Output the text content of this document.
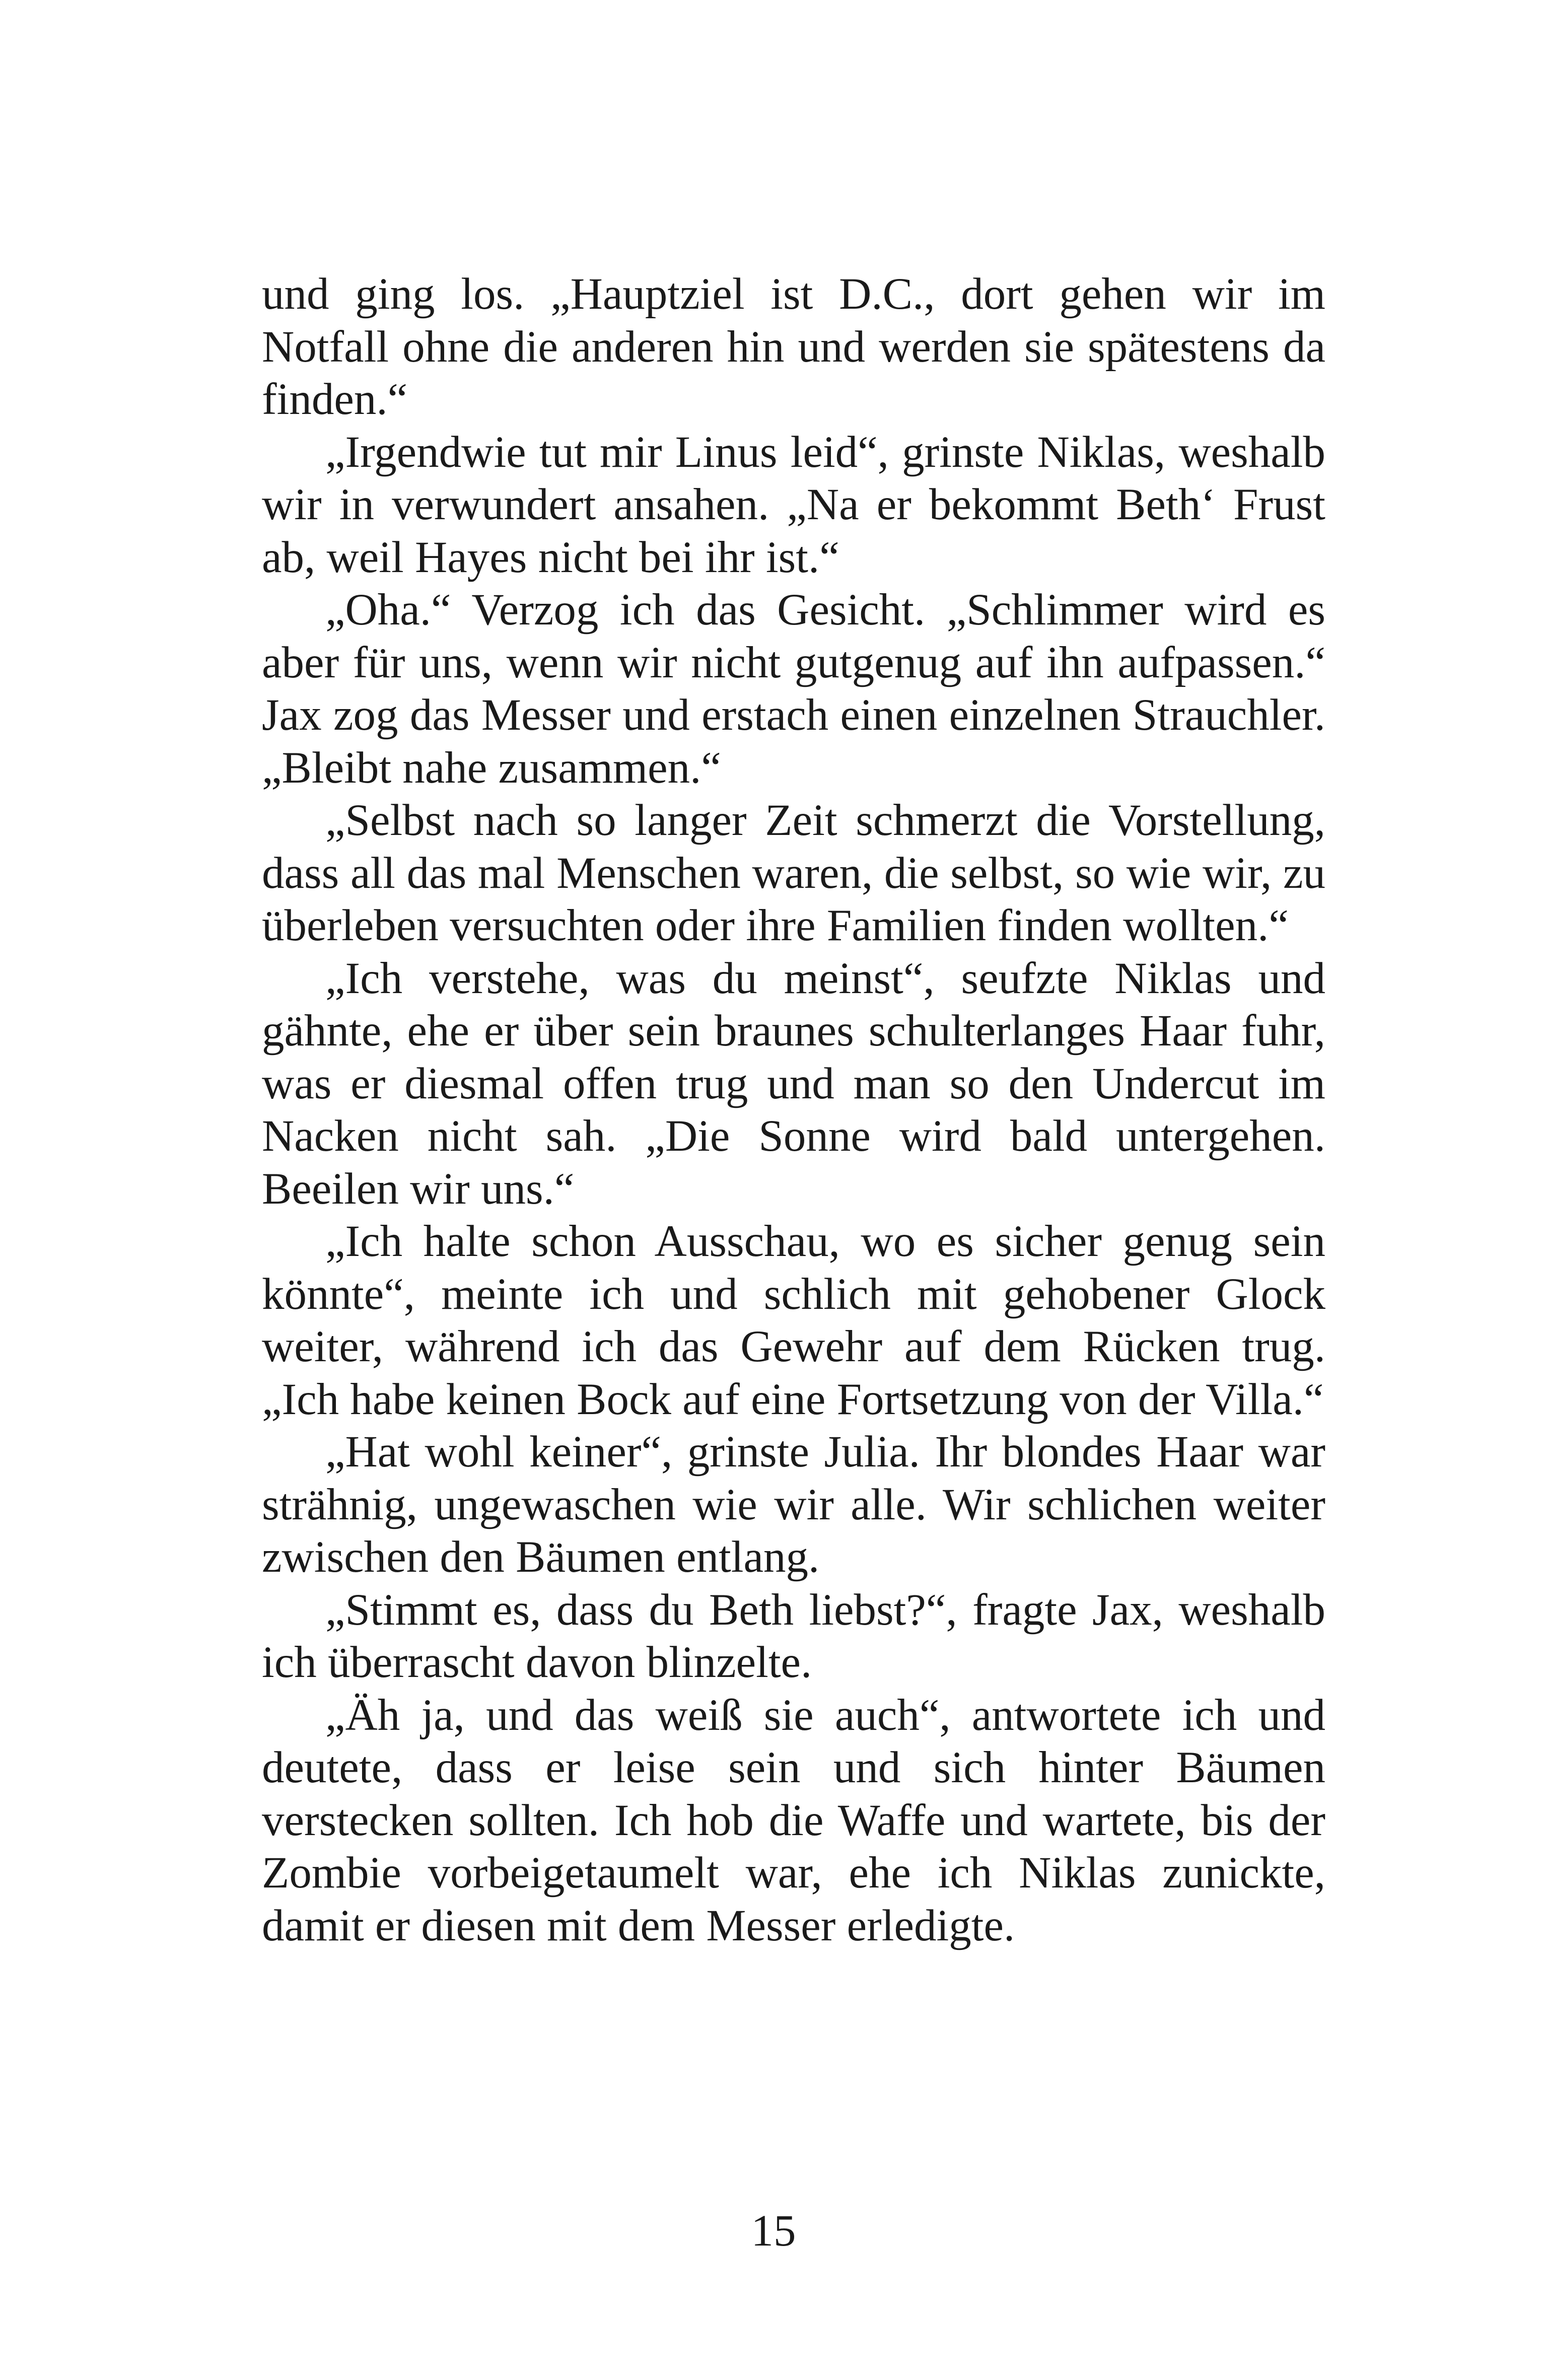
und ging los. „Hauptziel ist D.C., dort gehen wir im Notfall ohne die anderen hin und werden sie spätestens da finden.“

„Irgendwie tut mir Linus leid“, grinste Niklas, weshalb wir in verwundert ansahen. „Na er bekommt Beth‘ Frust ab, weil Hayes nicht bei ihr ist.“

„Oha.“ Verzog ich das Gesicht. „Schlimmer wird es aber für uns, wenn wir nicht gutgenug auf ihn aufpassen.“ Jax zog das Messer und erstach einen einzelnen Strauchler. „Bleibt nahe zusammen.“

„Selbst nach so langer Zeit schmerzt die Vorstellung, dass all das mal Menschen waren, die selbst, so wie wir, zu überleben versuchten oder ihre Familien finden wollten.“

„Ich verstehe, was du meinst“, seufzte Niklas und gähnte, ehe er über sein braunes schulterlanges Haar fuhr, was er diesmal offen trug und man so den Undercut im Nacken nicht sah. „Die Sonne wird bald untergehen. Beeilen wir uns.“

„Ich halte schon Ausschau, wo es sicher genug sein könnte“, meinte ich und schlich mit gehobener Glock weiter, während ich das Gewehr auf dem Rücken trug. „Ich habe keinen Bock auf eine Fortsetzung von der Villa.“

„Hat wohl keiner“, grinste Julia. Ihr blondes Haar war strähnig, ungewaschen wie wir alle. Wir schlichen weiter zwischen den Bäumen entlang.

„Stimmt es, dass du Beth liebst?“, fragte Jax, weshalb ich überrascht davon blinzelte.

„Äh ja, und das weiß sie auch“, antwortete ich und deutete, dass er leise sein und sich hinter Bäumen verstecken sollten. Ich hob die Waffe und wartete, bis der Zombie vorbeigetaumelt war, ehe ich Niklas zunickte, damit er diesen mit dem Messer erledigte.

15
